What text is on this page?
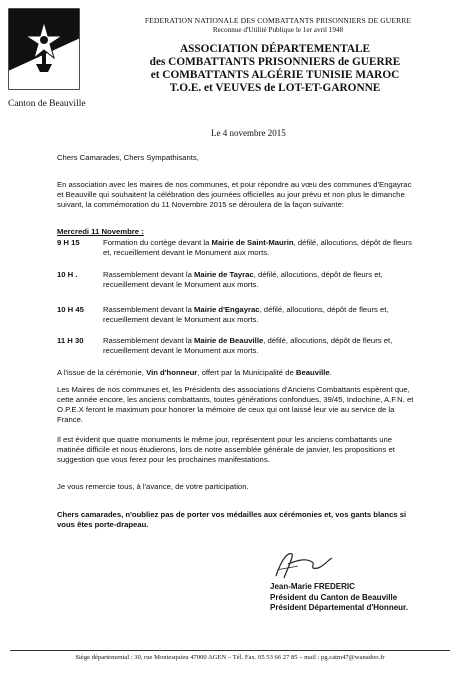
Canton de Beauville
FEDERATION NATIONALE DES COMBATTANTS PRISONNIERS DE GUERRE
Reconnue d'Utilité Publique le 1er avril 1948
ASSOCIATION DÉPARTEMENTALE
des COMBATTANTS PRISONNIERS de GUERRE
et COMBATTANTS ALGÉRIE TUNISIE MAROC
T.O.E. et VEUVES de LOT-ET-GARONNE
Le 4 novembre 2015
Chers Camarades, Chers Sympathisants,

En association avec les maires de nos communes, et pour répondre au vœu des communes d'Engayrac et Beauville qui souhaitent la célébration des journées officielles au jour prévu et non plus le dimanche suivant, la commémoration du 11 Novembre 2015 se déroulera de la façon suivante:

Mercredi 11 Novembre :
9 H 15	Formation du cortège devant la Mairie de Saint-Maurin, défilé, allocutions, dépôt de fleurs et, recueillement devant le Monument aux morts.
10 H .	Rassemblement devant la Mairie de Tayrac, défilé, allocutions, dépôt de fleurs et, recueillement devant le Monument aux morts.
10 H 45	Rassemblement devant la Mairie d'Engayrac, défilé, allocutions, dépôt de fleurs et, recueillement devant le Monument aux morts.
11 H 30	Rassemblement devant la Mairie de Beauville, défilé, allocutions, dépôt de fleurs et, recueillement devant le Monument aux morts.
A l'issue de la cérémonie, Vin d'honneur, offert par la Municipalité de Beauville.

Les Maires de nos communes et, les Présidents des associations d'Anciens Combattants espèrent que, cette année encore, les anciens combattants, toutes générations confondues, 39/45, Indochine, A.F.N. et O.P.E.X feront le maximum pour honorer la mémoire de ceux qui ont laissé leur vie au service de la France.

Il est évident que quatre monuments le même jour, représentent pour les anciens combattants une matinée difficile et nous étudierons, lors de notre assemblée générale de janvier, les propositions et suggestion que vous ferez pour les prochaines manifestations.

Je vous remercie tous, à l'avance, de votre participation.

Chers camarades, n'oubliez pas de porter vos médailles aux cérémonies et, vos gants blancs si vous êtes porte-drapeau.

Jean-Marie FREDERIC
Président du Canton de Beauville
Président Départemental d'Honneur.
Siège départemental : 30, rue Montesquieu 47000 AGEN – Tél. Fax. 05 53 66 27 85 – mail : pg.catm47@wanadoo.fr
